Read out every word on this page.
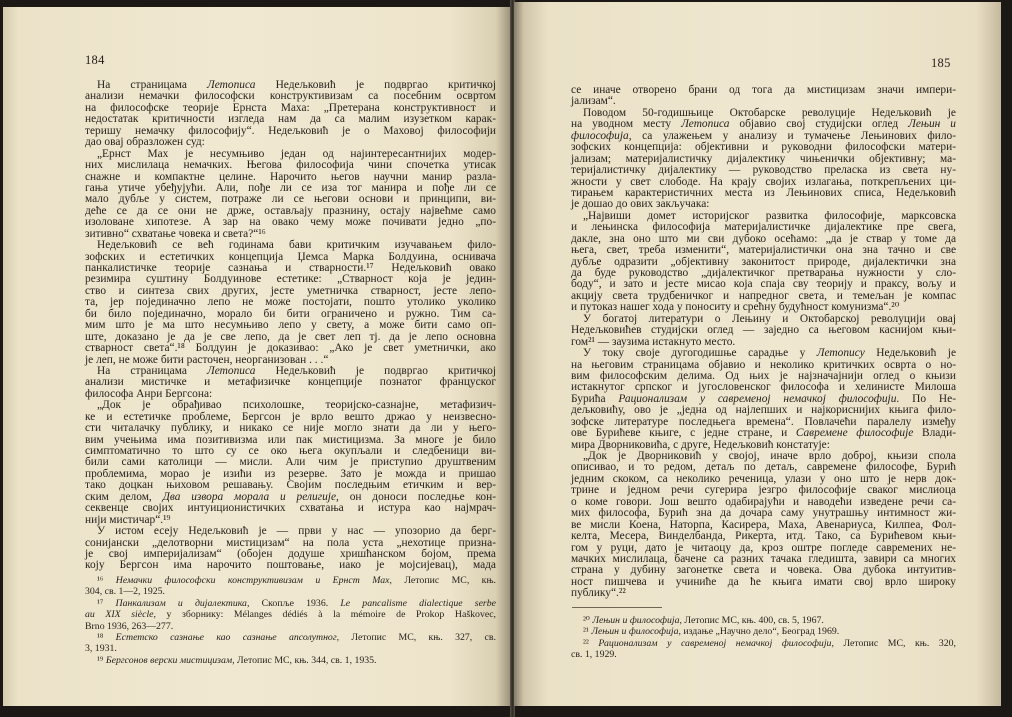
184
На страницама Летописа Недељковић је подвргао критичкој
анализи немачки философски конструктивизам са посебним освртом
на философске теорије Ернста Маха: „Претерана конструктивност и
недостатак критичности изгледа нам да са малим изузетком карак-
теришу немачку философију“. Недељковић је о Маховој философији
дао овај образложен суд:
„Ернст Мах је несумњиво један од најинтересантнијих модер-
них мислилаца немачких. Његова философија чини спочетка утисак
снажне и компактне целине. Нарочито његов научни манир разла-
гања утиче убеђујући. Али, пође ли се иза тог манира и пође ли се
мало дубље у систем, потраже ли се његови основи и принципи, ви-
деће се да се они не држе, остављају празнину, остају највећме само
изоловане хипотезе. А зар на овако чему може почивати једно „по-
зитивно“ схватање човека и света?“¹⁶
Недељковић се већ годинама бави критичким изучавањем фило-
зофских и естетичких концепција Џемса Марка Болдуина, оснивача
панкалистичке теорије сазнања и стварности.¹⁷ Недељковић овако
резимира суштину Болдуинове естетике: „Стварност која је једин-
ство и синтеза свих других, јесте уметничка стварност, јесте лепо-
та, јер појединачно лепо не може постојати, пошто утолико уколико
би било појединачно, морало би бити ограничено и ружно. Тим са-
мим што је ма што несумњиво лепо у свету, а може бити само оп-
ште, доказано је да је све лепо, да је свет леп тј. да је лепо основна
стварност света“.¹⁸ Болдуин је доказивао: „Ако је свет уметнички, ако
је леп, не може бити расточен, неорганизован . . .“
На страницама Летописа Недељковић је подвргао критичкој
анализи мистичке и метафизичке концепције познатог француског
философа Анри Бергсона:
„Док је обрађивао психолошке, теоријско-сазнајне, метафизич-
ке и естетичке проблеме, Бергсон је врло вешто држао у неизвесно-
сти читалачку публику, и никако се није могло знати да ли у њего-
вим учењима има позитивизма или пак мистицизма. За многе је било
симптоматично то што су се око њега окупљали и следбеници ви-
били сами католици — мисли. Али чим је приступио друштвеним
проблемима, морао је изићи из резерве. Зато је можда и пришао
тако доцкан њиховом решавању. Својим последњим етичким и вер-
ским делом, Два извора морала и религије, он доноси последње кон-
секвенце својих интуиционистичких схватања и истура као најмрач-
нији мистичар“.¹⁹
У истом есеју Недељковић је — први у нас — упозорио да берг-
сонијански „делотворни мистицизам“ на пола уста „нехотице призна-
је свој империјализам“ (обојен додуше хришћанском бојом, према
коју Бергсон има нарочито поштовање, иако је мојсијевац), мада
¹⁶ Немачки философски конструктивизам и Ернст Мах, Летопис МС, књ.
304, св. 1—2, 1925.
¹⁷ Панкализам и дијалектика, Скопље 1936. Le pancalisme dialectique serbe
au XIX siècle, у зборнику: Mélanges dédiés à la mémoire de Prokop Haškovec,
Brno 1936, 263—277.
¹⁸ Естетско сазнање као сазнање апсолутног, Летопис МС, књ. 327, св.
3, 1931.
¹⁹ Бергсонов верски мистицизам, Летопис МС, књ. 344, св. 1, 1935.
185
се иначе отворено брани од тога да мистицизам значи импери-
јализам“.
Поводом 50-годишњице Октобарске револуције Недељковић је
на уводном месту Летописа објавио свој студијски оглед Лењин и
философија, са улажењем у анализу и тумачење Лењинових фило-
зофских концепција: објективни и руководни философски матери-
јализам; материјалистичку дијалектику чињенички објективну; ма-
теријалистичку дијалектику — руководство преласка из света ну-
жности у свет слободе. На крају својих излагања, поткрепљених ци-
тирањем карактеристичних места из Лењинових списа, Недељковић
је дошао до ових закључака:
„Највиши домет историјског развитка философије, марксовска
и лењинска философија материјалистичке дијалектике пре свега,
дакле, зна оно што ми сви дубоко осећамо: „да је ствар у томе да
њега, свет, треба изменити“, материјалистички она зна тачно и све
дубље одразити „објективну законитост природе, дијалектички зна
да буде руководство „дијалектичког претварања нужности у сло-
боду“, и зато и јесте мисао која спаја сву теорију и праксу, вољу и
акцију света трудбеничког и напредног света, и темељан је компас
и путоказ нашег хода у поноситу и срећну будућност комунизма“.²⁰
У богатој литератури о Лењину и Октобарској револуцији овај
Недељковићев студијски оглед — заједно са његовом каснијом књи-
гом²¹ — заузима истакнуто место.
У току своје дугогодишње сарадње у Летопису Недељковић је
на његовим страницама објавио и неколико критичких осврта о но-
вим философским делима. Од њих је најзначајнији оглед о књизи
истакнутог српског и југословенског философа и хелинисте Милоша
Бурића Рационализам у савременој немачкој философији. По Не-
дељковићу, ово је „једна од најлепших и најкориснијих књига фило-
зофске литературе последњега времена“. Повлачећи паралелу између
ове Бурићеве књиге, с једне стране, и Савремене философије Влади-
мира Дворниковића, с друге, Недељковић констатује:
„Док је Дворниковић у својој, иначе врло доброј, књизи спола
описивао, и то редом, детаљ по детаљ, савремене философе, Бурић
једним скоком, са неколико реченица, улази у оно што је нерв док-
трине и једном речи сугерира језгро философије сваког мислиоца
о коме говори. Још вешто одабирајући и наводећи изведене речи са-
мих философа, Бурић зна да дочара саму унутрашњу интимност жи-
ве мисли Коена, Наторпа, Касирера, Маха, Авенариуса, Килпеа, Фол-
келта, Месера, Винделбанда, Рикерта, итд. Тако, са Бурићевом књи-
гом у руци, дато је читаоцу да, кроз оштре погледе савремених не-
мачких мислилаца, бачене са разних тачака гледишта, завири са многих
страна у дубину загонетке света и човека. Ова дубока интуитив-
ност пишчева и учиниће да ће књига имати свој врло широку
публику“.²²
²⁰ Лењин и философија, Летопис МС, књ. 400, св. 5, 1967.
²¹ Лењин и философија, издање „Научно дело“, Београд 1969.
²² Рационализам у савременој немачкој философији, Летопис МС, књ. 320,
св. 1, 1929.
